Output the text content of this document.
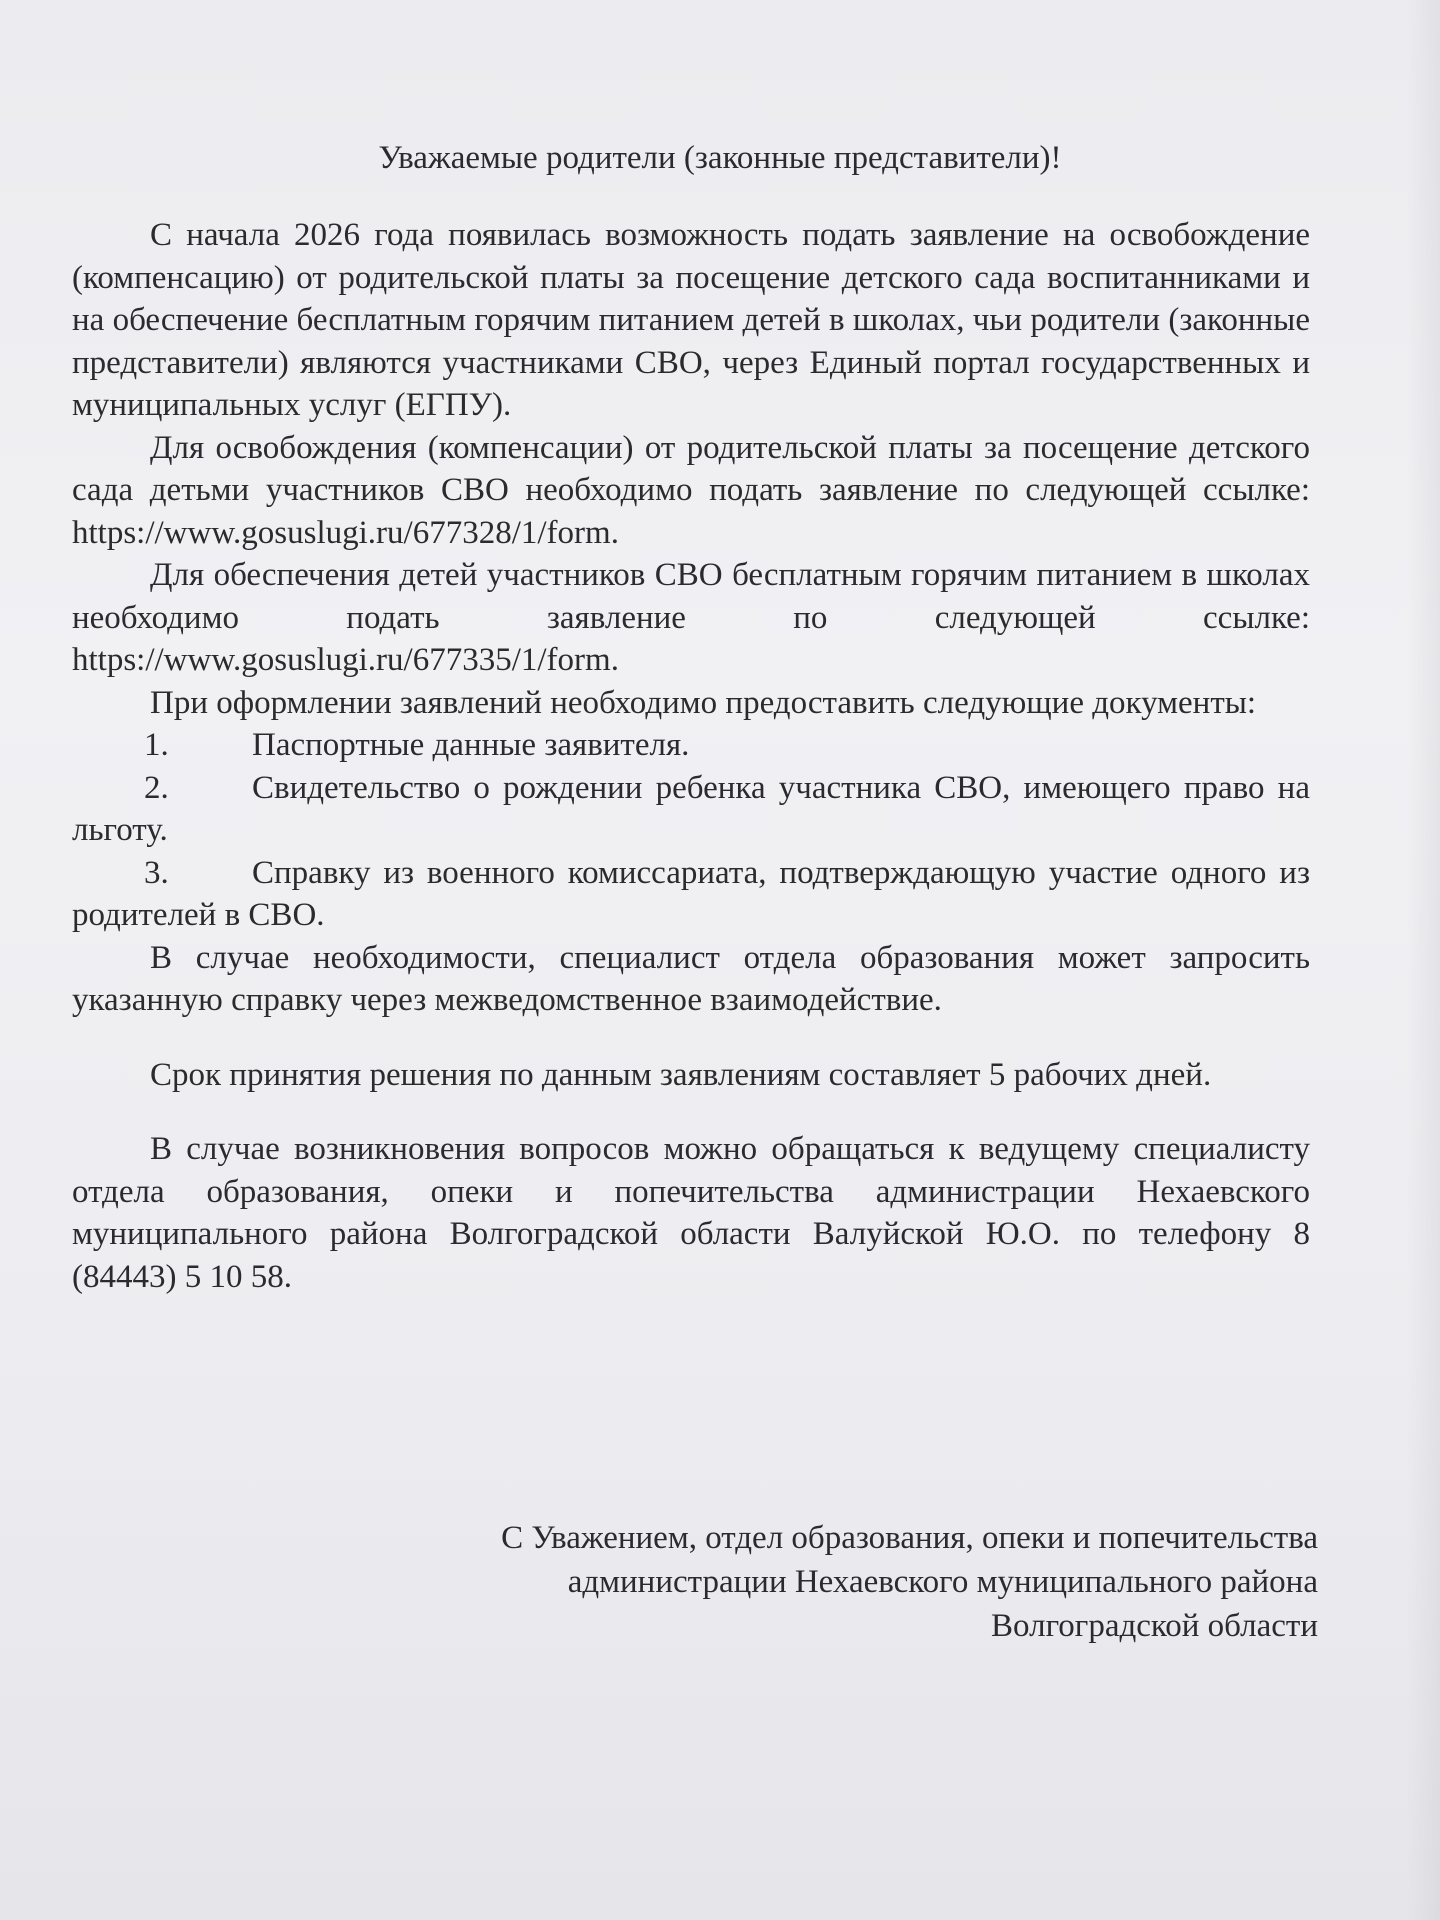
Уважаемые родители (законные представители)!

С начала 2026 года появилась возможность подать заявление на освобождение (компенсацию) от родительской платы за посещение детского сада воспитанниками и на обеспечение бесплатным горячим питанием детей в школах, чьи родители (законные представители) являются участниками СВО, через Единый портал государственных и муниципальных услуг (ЕГПУ).

Для освобождения (компенсации) от родительской платы за посещение детского сада детьми участников СВО необходимо подать заявление по следующей ссылке: https://www.gosuslugi.ru/677328/1/form.

Для обеспечения детей участников СВО бесплатным горячим питанием в школах необходимо подать заявление по следующей ссылке: https://www.gosuslugi.ru/677335/1/form.

При оформлении заявлений необходимо предоставить следующие документы:

1.	Паспортные данные заявителя.

2.	Свидетельство о рождении ребенка участника СВО, имеющего право на льготу.

3.	Справку из военного комиссариата, подтверждающую участие одного из родителей в СВО.

В случае необходимости, специалист отдела образования может запросить указанную справку через межведомственное взаимодействие.

Срок принятия решения по данным заявлениям составляет 5 рабочих дней.

В случае возникновения вопросов можно обращаться к ведущему специалисту отдела образования, опеки и попечительства администрации Нехаевского муниципального района Волгоградской области Валуйской Ю.О. по телефону 8 (84443) 5 10 58.

С Уважением, отдел образования, опеки и попечительства
администрации Нехаевского муниципального района
Волгоградской области
